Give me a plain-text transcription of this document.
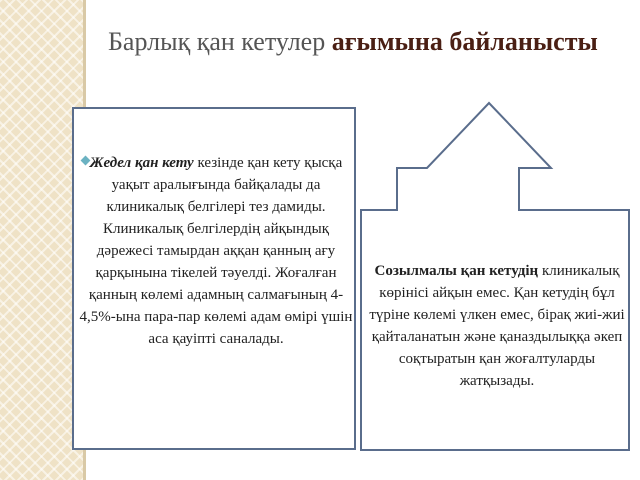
Барлық қан кетулер ағымына байланысты
Жедел қан кету кезінде қан кету қысқа уақыт аралығында байқалады да клиникалық белгілері тез дамиды. Клиникалық белгілердің айқындық дәрежесі тамырдан аққан қанның ағу қарқынына тікелей тәуелді. Жоғалған қанның көлемі адамның салмағының 4-4,5%-ына пара-пар көлемі адам өмірі үшін аса қауіпті саналады.
Созылмалы қан кетудің клиникалық көрінісі айқын емес. Қан кетудің бұл түріне көлемі үлкен емес, бірақ жиі-жиі қайталанатын және қаназдылыққа әкеп соқтыратын қан жоғалтуларды жатқызады.
